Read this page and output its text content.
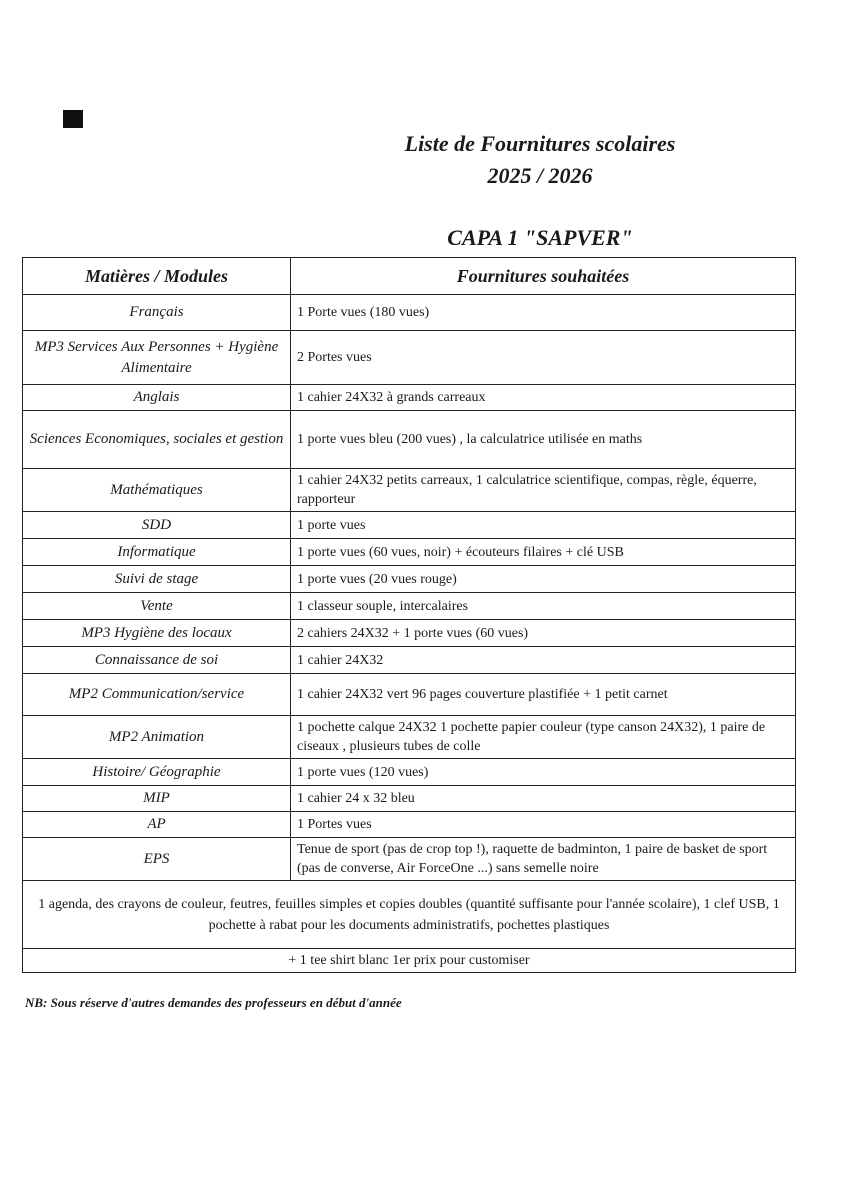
Liste de Fournitures scolaires
2025 / 2026
CAPA 1 "SAPVER"
Matières / Modules	Fournitures souhaitées
Français	1 Porte vues (180 vues)
MP3 Services Aux Personnes + Hygiène Alimentaire	2 Portes vues
Anglais	1 cahier 24X32 à grands carreaux
Sciences Economiques, sociales et gestion	1 porte vues bleu (200 vues) , la calculatrice utilisée en maths
Mathématiques	1 cahier 24X32 petits carreaux, 1 calculatrice scientifique, compas, règle, équerre, rapporteur
SDD	1 porte vues
Informatique	1 porte vues (60 vues, noir) + écouteurs filaires + clé USB
Suivi de stage	1 porte vues (20 vues rouge)
Vente	1 classeur souple, intercalaires
MP3 Hygiène des locaux	2 cahiers 24X32 + 1 porte vues (60 vues)
Connaissance de soi	1 cahier 24X32
MP2 Communication/service	1 cahier 24X32 vert 96 pages couverture plastifiée + 1 petit carnet
MP2 Animation	1 pochette calque 24X32 1 pochette papier couleur (type canson 24X32), 1 paire de ciseaux , plusieurs tubes de colle
Histoire/ Géographie	1 porte vues (120 vues)
MIP	1 cahier 24 x 32 bleu
AP	1 Portes vues
EPS	Tenue de sport (pas de crop top !), raquette de badminton, 1 paire de basket de sport (pas de converse, Air ForceOne ...) sans semelle noire
1 agenda, des crayons de couleur, feutres, feuilles simples et copies doubles (quantité suffisante pour l'année scolaire), 1 clef USB, 1 pochette à rabat pour les documents administratifs, pochettes plastiques	
+ 1 tee shirt blanc 1er prix pour customiser	
NB: Sous réserve d'autres demandes des professeurs en début d'année
